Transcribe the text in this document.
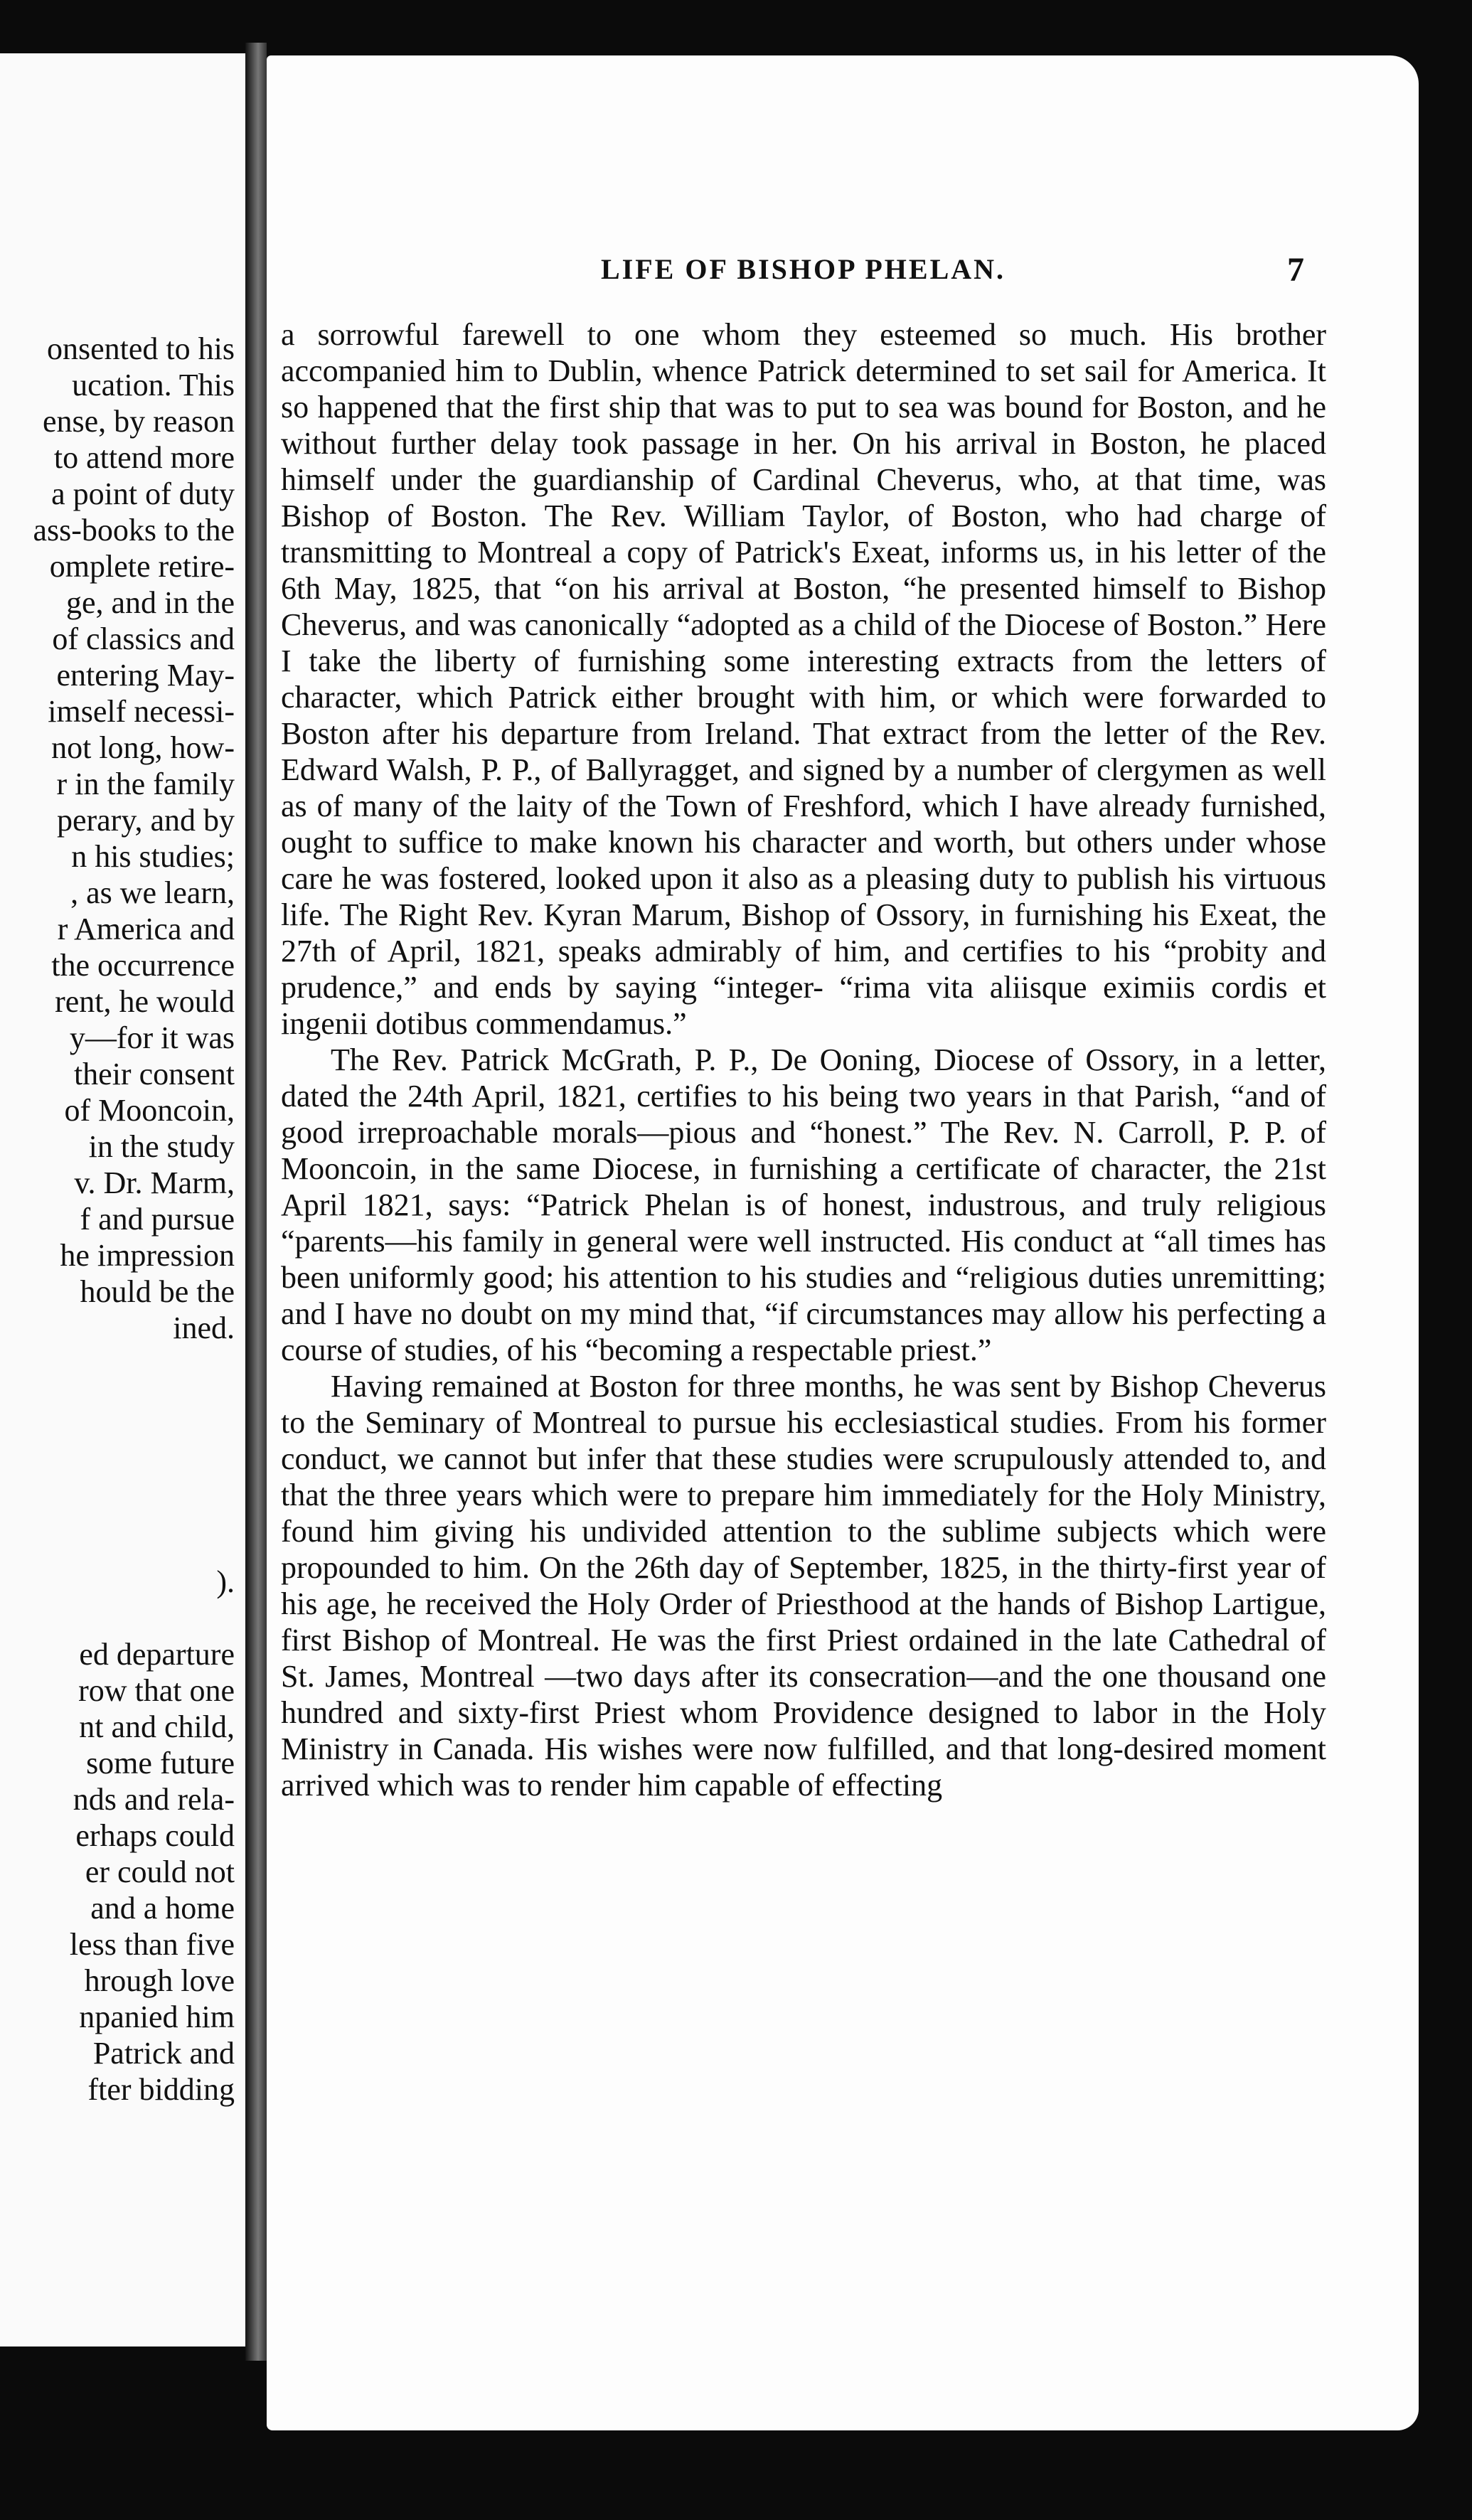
onsented to his
ucation. This
ense, by reason
to attend more
a point of duty
ass-books to the
omplete retire-
ge, and in the
of classics and
entering May-
imself necessi-
not long, how-
r in the family
perary, and by
n his studies;
, as we learn,
r America and
the occurrence
rent, he would
y—for it was
their consent
of Mooncoin,
in the study
v. Dr. Marm,
f and pursue
he impression
hould be the
ined.
).
ed departure
row that one
nt and child,
some future
nds and rela-
erhaps could
er could not
and a home
less than five
hrough love
npanied him
Patrick and
fter bidding
LIFE OF BISHOP PHELAN.	7

a sorrowful farewell to one whom they esteemed so much. His brother accompanied him to Dublin, whence Patrick determined to set sail for America. It so happened that the first ship that was to put to sea was bound for Boston, and he without further delay took passage in her. On his arrival in Boston, he placed himself under the guardianship of Cardinal Cheverus, who, at that time, was Bishop of Boston. The Rev. William Taylor, of Boston, who had charge of transmitting to Montreal a copy of Patrick's Exeat, informs us, in his letter of the 6th May, 1825, that “on his arrival at Boston, “he presented himself to Bishop Cheverus, and was canonically “adopted as a child of the Diocese of Boston.” Here I take the liberty of furnishing some interesting extracts from the letters of character, which Patrick either brought with him, or which were forwarded to Boston after his departure from Ireland. That extract from the letter of the Rev. Edward Walsh, P. P., of Ballyragget, and signed by a number of clergymen as well as of many of the laity of the Town of Freshford, which I have already furnished, ought to suffice to make known his character and worth, but others under whose care he was fostered, looked upon it also as a pleasing duty to publish his virtuous life. The Right Rev. Kyran Marum, Bishop of Ossory, in furnishing his Exeat, the 27th of April, 1821, speaks admirably of him, and certifies to his “probity and prudence,” and ends by saying “integer- “rima vita aliisque eximiis cordis et ingenii dotibus commendamus.”

The Rev. Patrick McGrath, P. P., De Ooning, Diocese of Ossory, in a letter, dated the 24th April, 1821, certifies to his being two years in that Parish, “and of good irreproachable morals—pious and “honest.” The Rev. N. Carroll, P. P. of Mooncoin, in the same Diocese, in furnishing a certificate of character, the 21st April 1821, says: “Patrick Phelan is of honest, industrous, and truly religious “parents—his family in general were well instructed. His conduct at “all times has been uniformly good; his attention to his studies and “religious duties unremitting; and I have no doubt on my mind that, “if circumstances may allow his perfecting a course of studies, of his “becoming a respectable priest.”

Having remained at Boston for three months, he was sent by Bishop Cheverus to the Seminary of Montreal to pursue his ecclesiastical studies. From his former conduct, we cannot but infer that these studies were scrupulously attended to, and that the three years which were to prepare him immediately for the Holy Ministry, found him giving his undivided attention to the sublime subjects which were propounded to him. On the 26th day of September, 1825, in the thirty-first year of his age, he received the Holy Order of Priesthood at the hands of Bishop Lartigue, first Bishop of Montreal. He was the first Priest ordained in the late Cathedral of St. James, Montreal —two days after its consecration—and the one thousand one hundred and sixty-first Priest whom Providence designed to labor in the Holy Ministry in Canada. His wishes were now fulfilled, and that long-desired moment arrived which was to render him capable of effecting
